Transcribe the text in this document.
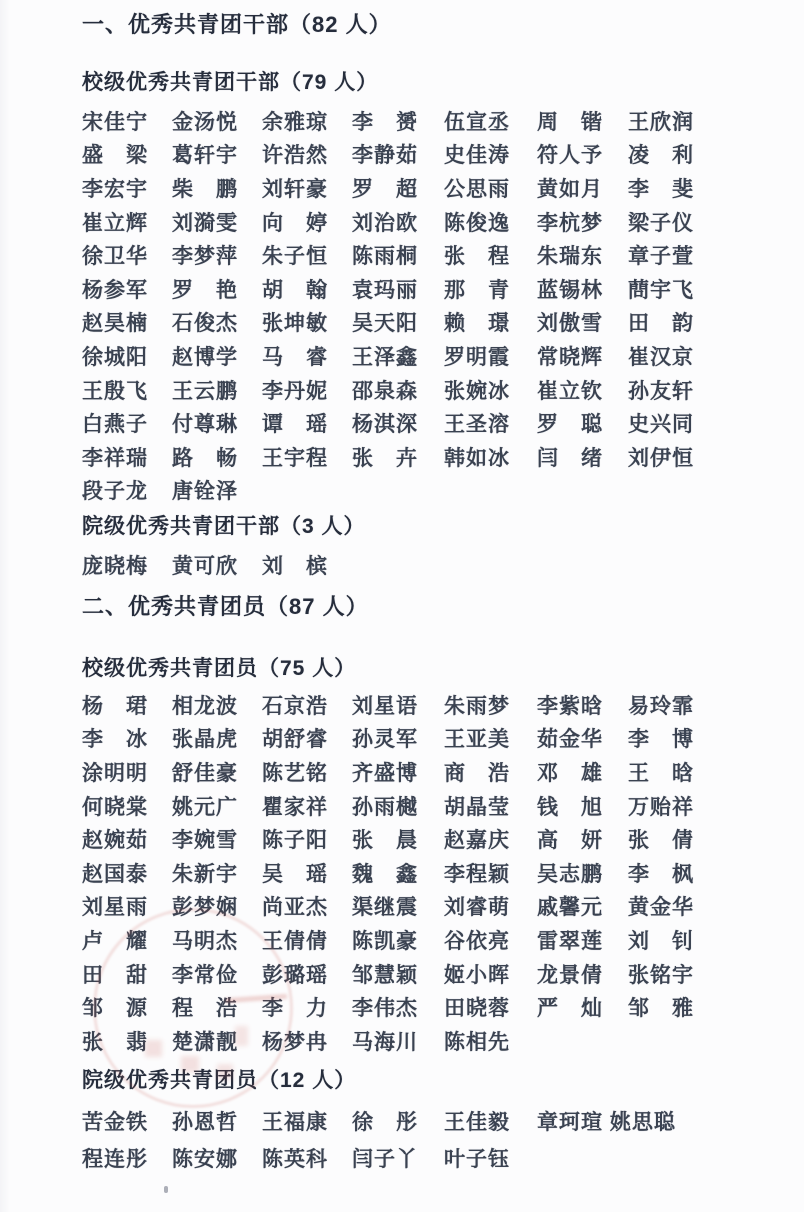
一、优秀共青团干部（82 人）
校级优秀共青团干部（79 人）
宋佳宁	金汤悦	余雅琼	李　赟	伍宣丞	周　锴	王欣润
盛　梁	葛轩宇	许浩然	李静茹	史佳涛	符人予	凌　利
李宏宇	柴　鹏	刘轩豪	罗　超	公思雨	黄如月	李　斐
崔立辉	刘漪雯	向　婷	刘治欧	陈俊逸	李杭梦	梁子仪
徐卫华	李梦萍	朱子恒	陈雨桐	张　程	朱瑞东	章子萱
杨参军	罗　艳	胡　翰	袁玛丽	那　青	蓝锡林	蔄宇飞
赵昊楠	石俊杰	张坤敏	吴天阳	赖　璟	刘傲雪	田　韵
徐城阳	赵博学	马　睿	王泽鑫	罗明霞	常晓辉	崔汉京
王殷飞	王云鹏	李丹妮	邵泉森	张婉冰	崔立钦	孙友轩
白燕子	付尊琳	谭　瑶	杨淇深	王圣溶	罗　聪	史兴同
李祥瑞	路　畅	王宇程	张　卉	韩如冰	闫　绪	刘伊恒
段子龙	唐铨泽
院级优秀共青团干部（3 人）
庞晓梅	黄可欣	刘　槟
二、优秀共青团员（87 人）
校级优秀共青团员（75 人）
杨　珺	相龙波	石京浩	刘星语	朱雨梦	李紫晗	易玲霏
李　冰	张晶虎	胡舒睿	孙灵军	王亚美	茹金华	李　博
涂明明	舒佳豪	陈艺铭	齐盛博	商　浩	邓　雄	王　晗
何晓棠	姚元广	瞿家祥	孙雨樾	胡晶莹	钱　旭	万贻祥
赵婉茹	李婉雪	陈子阳	张　晨	赵嘉庆	高　妍	张　倩
赵国泰	朱新宇	吴　瑶	魏　鑫	李程颖	吴志鹏	李　枫
刘星雨	彭梦娴	尚亚杰	渠继震	刘睿萌	戚馨元	黄金华
卢　耀	马明杰	王倩倩	陈凯豪	谷依亮	雷翠莲	刘　钊
田　甜	李常俭	彭璐瑶	邹慧颖	姬小晖	龙景倩	张铭宇
邹　源	程　浩	李　力	李伟杰	田晓蓉	严　灿	邹　雅
张　翡	楚潇靓	杨梦冉	马海川	陈相先
院级优秀共青团员（12 人）
苦金铁	孙恩哲	王福康	徐　彤	王佳毅	章珂瑄 姚思聪
程连彤	陈安娜	陈英科	闫子丫	叶子钰
